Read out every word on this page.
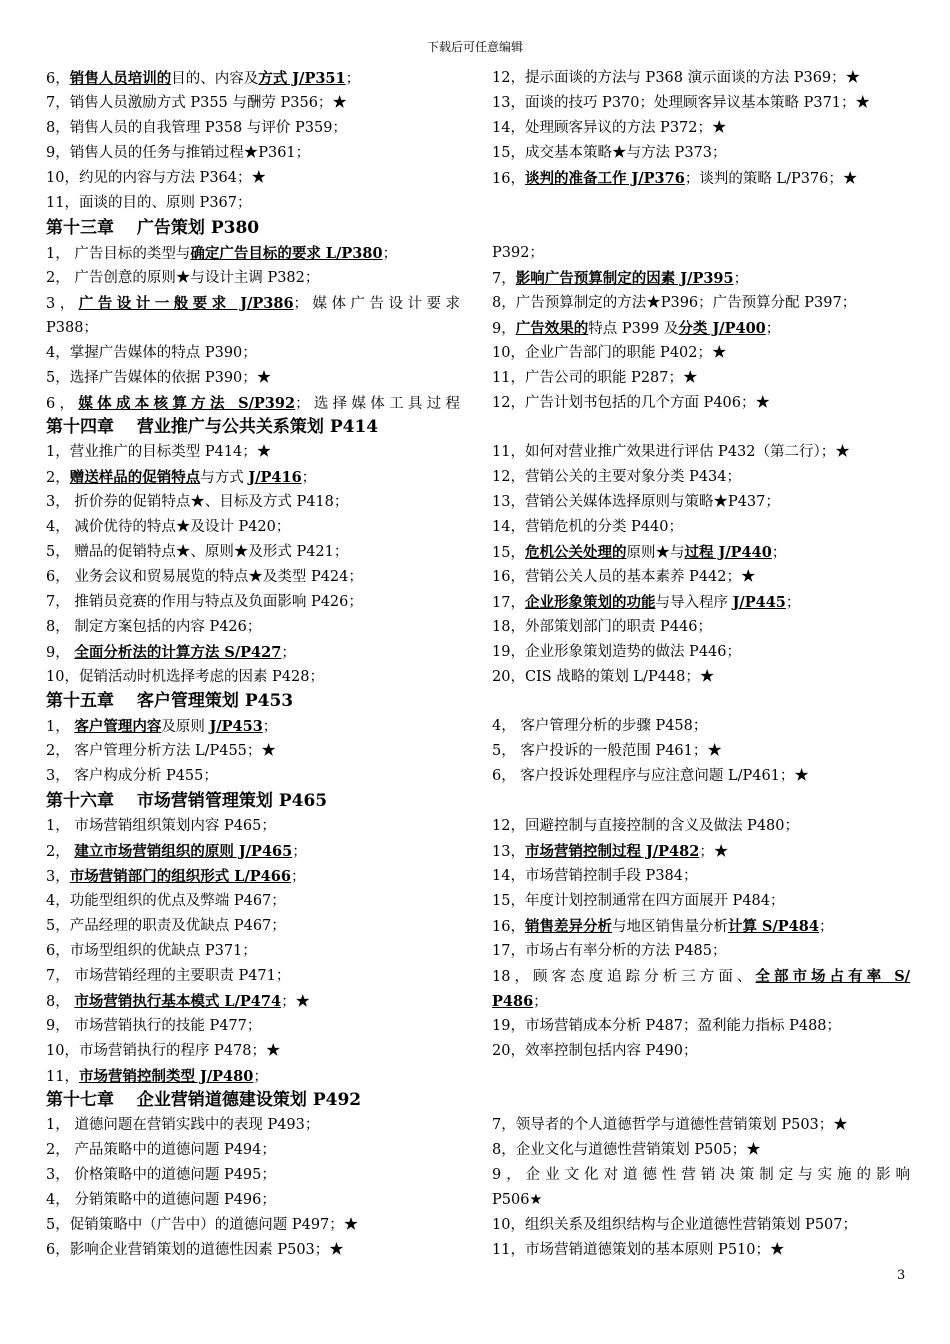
下载后可任意编辑
6，销售人员培训的目的、内容及方式 J/P351；
7，销售人员激励方式 P355 与酬劳 P356；★
8，销售人员的自我管理 P358 与评价 P359；
9，销售人员的任务与推销过程★P361；
10，约见的内容与方法 P364；★
11，面谈的目的、原则 P367；
12，提示面谈的方法与 P368 演示面谈的方法 P369；★
13，面谈的技巧 P370；处理顾客异议基本策略 P371；★
14，处理顾客异议的方法 P372；★
15，成交基本策略★与方法 P373；
16，谈判的准备工作 J/P376；谈判的策略 L/P376；★
第十三章　 广告策划 P380
1， 广告目标的类型与确定广告目标的要求 L/P380；
2， 广告创意的原则★与设计主调 P382；
3，广告设计一般要求 J/P386；媒体广告设计要求
P388；
4，掌握广告媒体的特点 P390；
5，选择广告媒体的依据 P390；★
6，媒体成本核算方法 S/P392；选择媒体工具过程
P392；
7，影响广告预算制定的因素 J/P395；
8，广告预算制定的方法★P396；广告预算分配 P397；
9，广告效果的特点 P399 及分类 J/P400；
10，企业广告部门的职能 P402；★
11，广告公司的职能 P287；★
12，广告计划书包括的几个方面 P406；★
第十四章　 营业推广与公共关系策划 P414
1，营业推广的目标类型 P414；★
2，赠送样品的促销特点与方式 J/P416；
3， 折价券的促销特点★、目标及方式 P418；
4， 减价优待的特点★及设计 P420；
5， 赠品的促销特点★、原则★及形式 P421；
6， 业务会议和贸易展览的特点★及类型 P424；
7， 推销员竞赛的作用与特点及负面影响 P426；
8， 制定方案包括的内容 P426；
9， 全面分析法的计算方法 S/P427；
10，促销活动时机选择考虑的因素 P428；
11，如何对营业推广效果进行评估 P432（第二行）；★
12，营销公关的主要对象分类 P434；
13，营销公关媒体选择原则与策略★P437；
14，营销危机的分类 P440；
15，危机公关处理的原则★与过程 J/P440；
16，营销公关人员的基本素养 P442；★
17，企业形象策划的功能与导入程序 J/P445；
18，外部策划部门的职责 P446；
19，企业形象策划造势的做法 P446；
20，CIS 战略的策划 L/P448；★
第十五章　 客户管理策划 P453
1， 客户管理内容及原则 J/P453；
2， 客户管理分析方法 L/P455；★
3， 客户构成分析 P455；
4， 客户管理分析的步骤 P458；
5， 客户投诉的一般范围 P461；★
6， 客户投诉处理程序与应注意问题 L/P461；★
第十六章　 市场营销管理策划 P465
1， 市场营销组织策划内容 P465；
2， 建立市场营销组织的原则 J/P465；
3，市场营销部门的组织形式 L/P466；
4，功能型组织的优点及弊端 P467；
5，产品经理的职责及优缺点 P467；
6，市场型组织的优缺点 P371；
7， 市场营销经理的主要职责 P471；
8， 市场营销执行基本模式 L/P474；★
9， 市场营销执行的技能 P477；
10，市场营销执行的程序 P478；★
11，市场营销控制类型 J/P480；
12，回避控制与直接控制的含义及做法 P480；
13，市场营销控制过程 J/P482；★
14，市场营销控制手段 P384；
15，年度计划控制通常在四方面展开 P484；
16，销售差异分析与地区销售量分析计算 S/P484；
17，市场占有率分析的方法 P485；
18，顾客态度追踪分析三方面、全部市场占有率 S/
P486；
19，市场营销成本分析 P487；盈利能力指标 P488；
20，效率控制包括内容 P490；
第十七章　 企业营销道德建设策划 P492
1， 道德问题在营销实践中的表现 P493；
2， 产品策略中的道德问题 P494；
3， 价格策略中的道德问题 P495；
4， 分销策略中的道德问题 P496；
5，促销策略中（广告中）的道德问题 P497；★
6，影响企业营销策划的道德性因素 P503；★
7，领导者的个人道德哲学与道德性营销策划 P503；★
8，企业文化与道德性营销策划 P505；★
9，企业文化对道德性营销决策制定与实施的影响
P506★
10，组织关系及组织结构与企业道德性营销策划 P507；
11，市场营销道德策划的基本原则 P510；★
3
